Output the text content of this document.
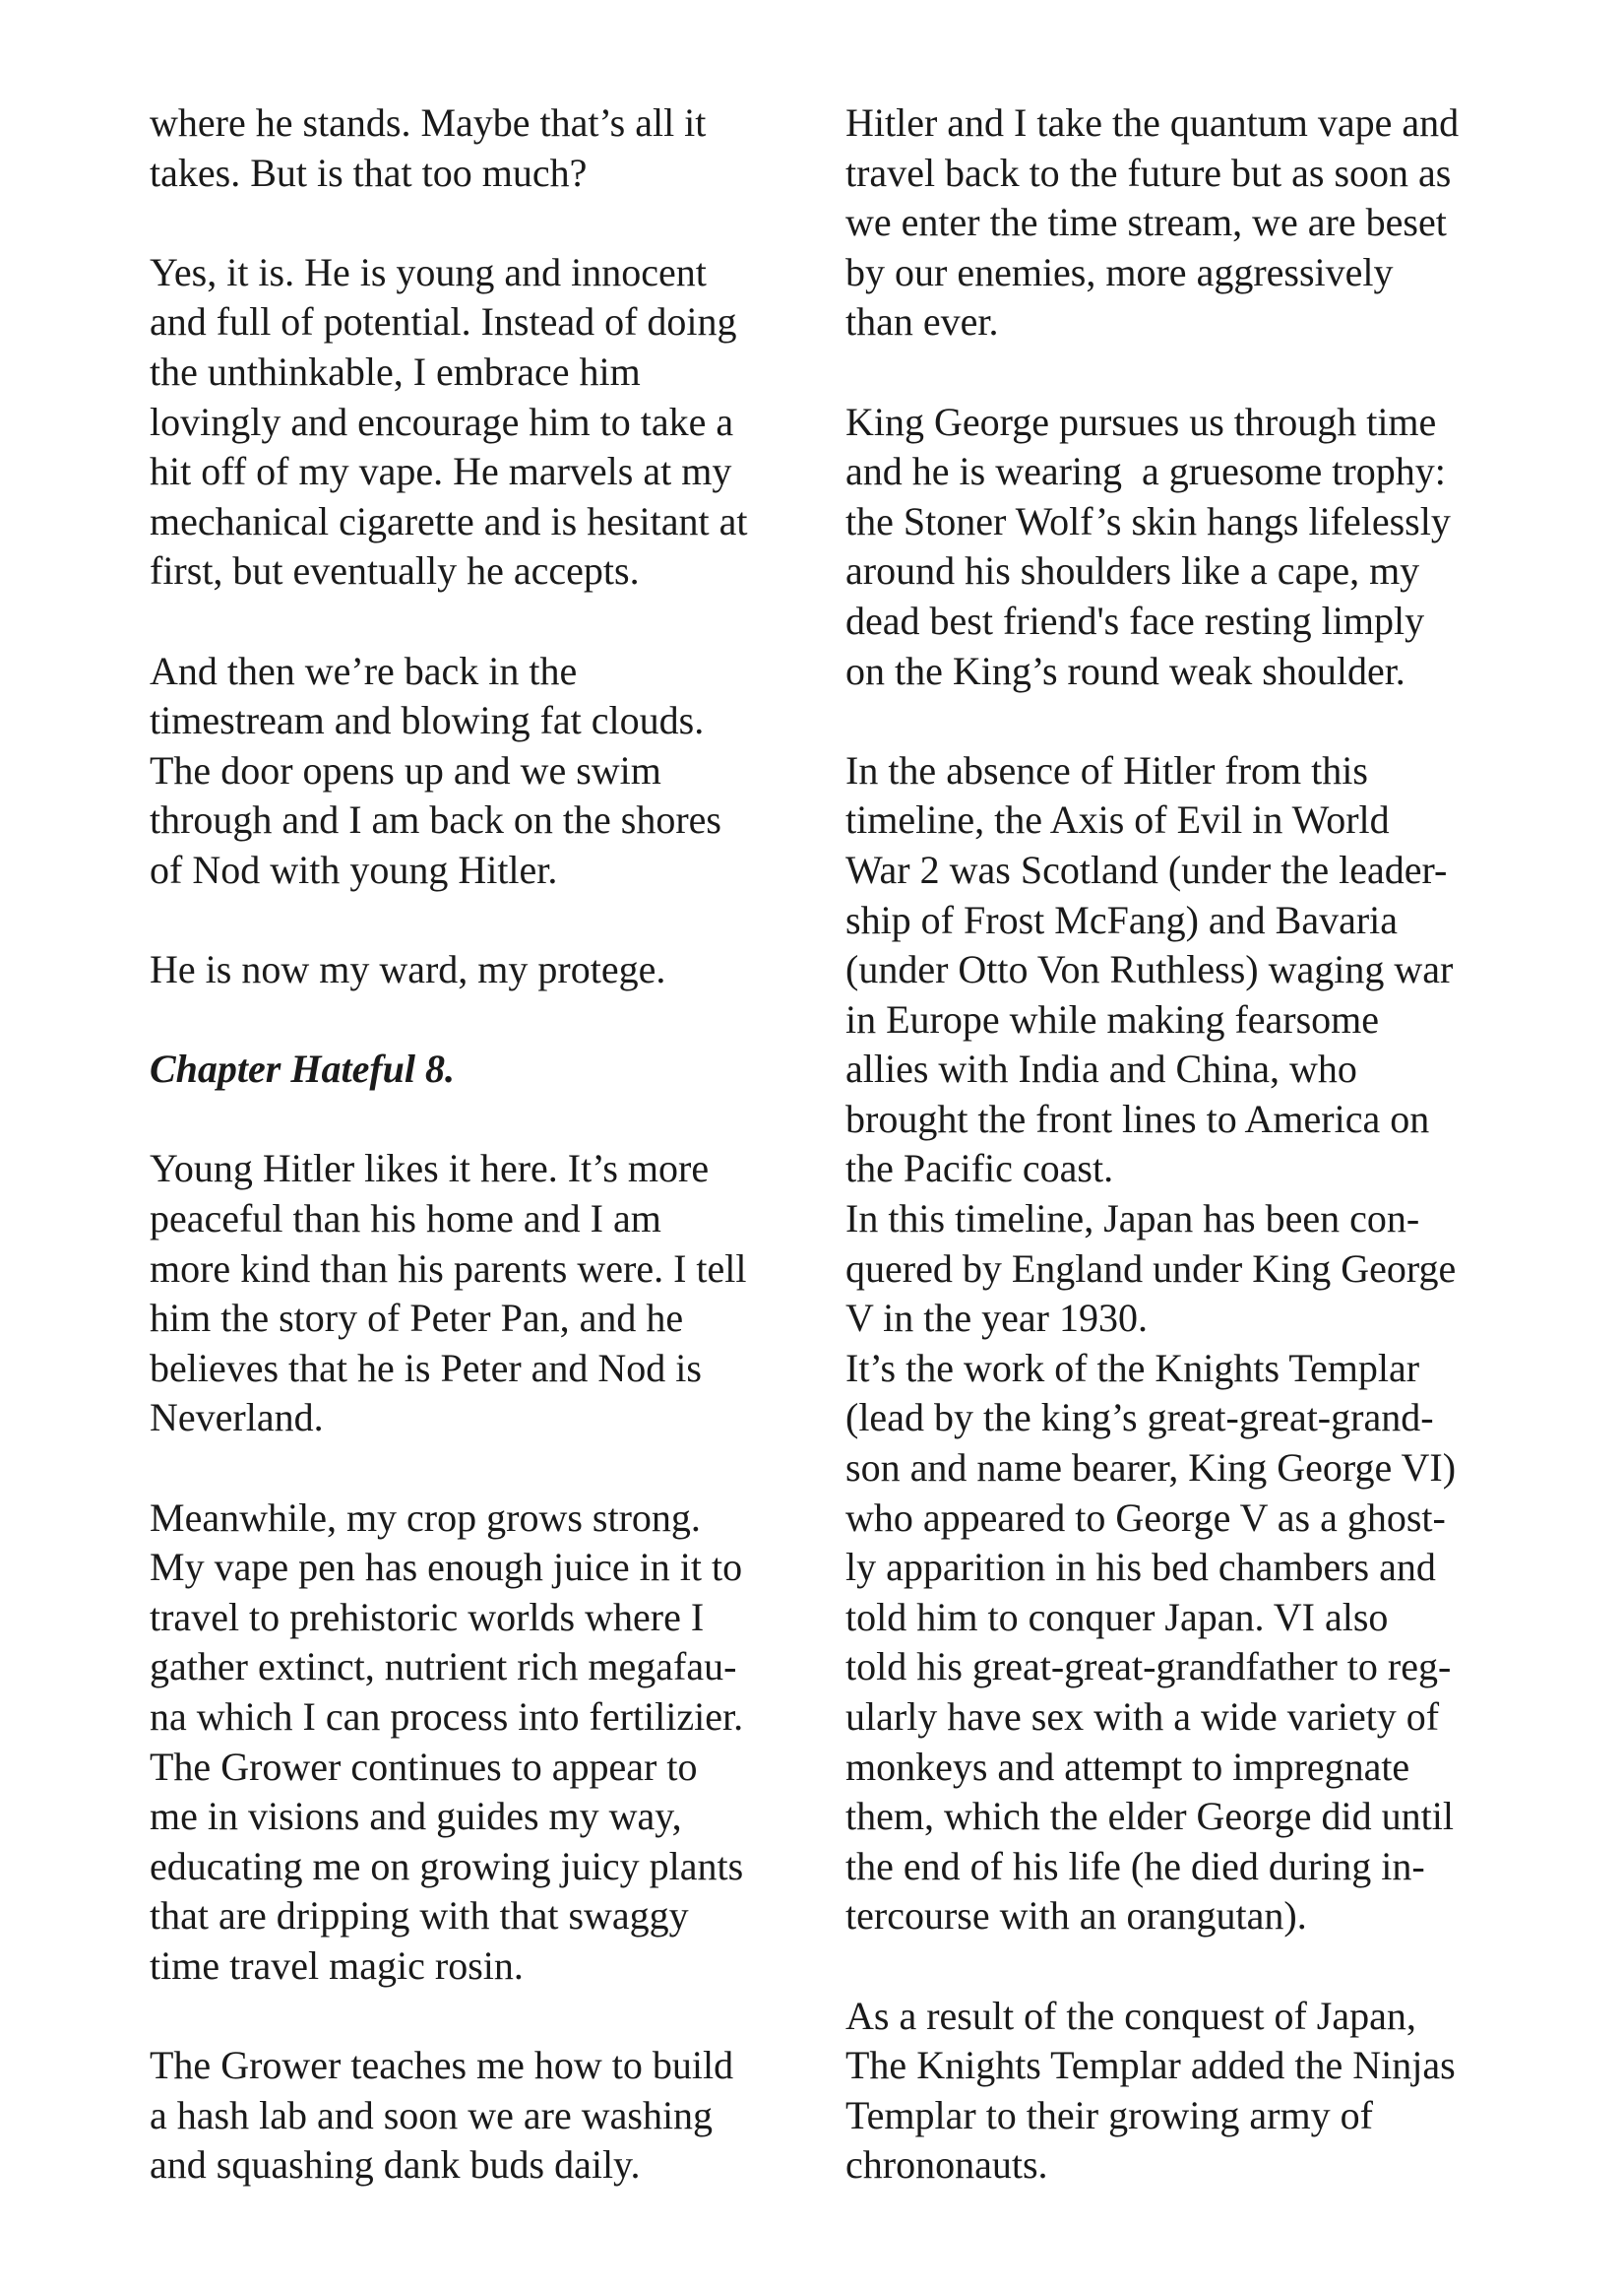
where he stands. Maybe that’s all it
takes. But is that too much?
Yes, it is. He is young and innocent
and full of potential. Instead of doing
the unthinkable, I embrace him
lovingly and encourage him to take a
hit off of my vape. He marvels at my
mechanical cigarette and is hesitant at
first, but eventually he accepts.
And then we’re back in the
timestream and blowing fat clouds.
The door opens up and we swim
through and I am back on the shores
of Nod with young Hitler.
He is now my ward, my protege.
Chapter Hateful 8.
Young Hitler likes it here. It’s more
peaceful than his home and I am
more kind than his parents were. I tell
him the story of Peter Pan, and he
believes that he is Peter and Nod is
Neverland.
Meanwhile, my crop grows strong.
My vape pen has enough juice in it to
travel to prehistoric worlds where I
gather extinct, nutrient rich megafau-
na which I can process into fertilizier.
The Grower continues to appear to
me in visions and guides my way,
educating me on growing juicy plants
that are dripping with that swaggy
time travel magic rosin.
The Grower teaches me how to build
a hash lab and soon we are washing
and squashing dank buds daily.
Hitler and I take the quantum vape and
travel back to the future but as soon as
we enter the time stream, we are beset
by our enemies, more aggressively
than ever.
King George pursues us through time
and he is wearing  a gruesome trophy:
the Stoner Wolf’s skin hangs lifelessly
around his shoulders like a cape, my
dead best friend's face resting limply
on the King’s round weak shoulder.
In the absence of Hitler from this
timeline, the Axis of Evil in World
War 2 was Scotland (under the leader-
ship of Frost McFang) and Bavaria
(under Otto Von Ruthless) waging war
in Europe while making fearsome
allies with India and China, who
brought the front lines to America on
the Pacific coast.
In this timeline, Japan has been con-
quered by England under King George
V in the year 1930.
It’s the work of the Knights Templar
(lead by the king’s great-great-grand-
son and name bearer, King George VI)
who appeared to George V as a ghost-
ly apparition in his bed chambers and
told him to conquer Japan. VI also
told his great-great-grandfather to reg-
ularly have sex with a wide variety of
monkeys and attempt to impregnate
them, which the elder George did until
the end of his life (he died during in-
tercourse with an orangutan).
As a result of the conquest of Japan,
The Knights Templar added the Ninjas
Templar to their growing army of
chrononauts.
